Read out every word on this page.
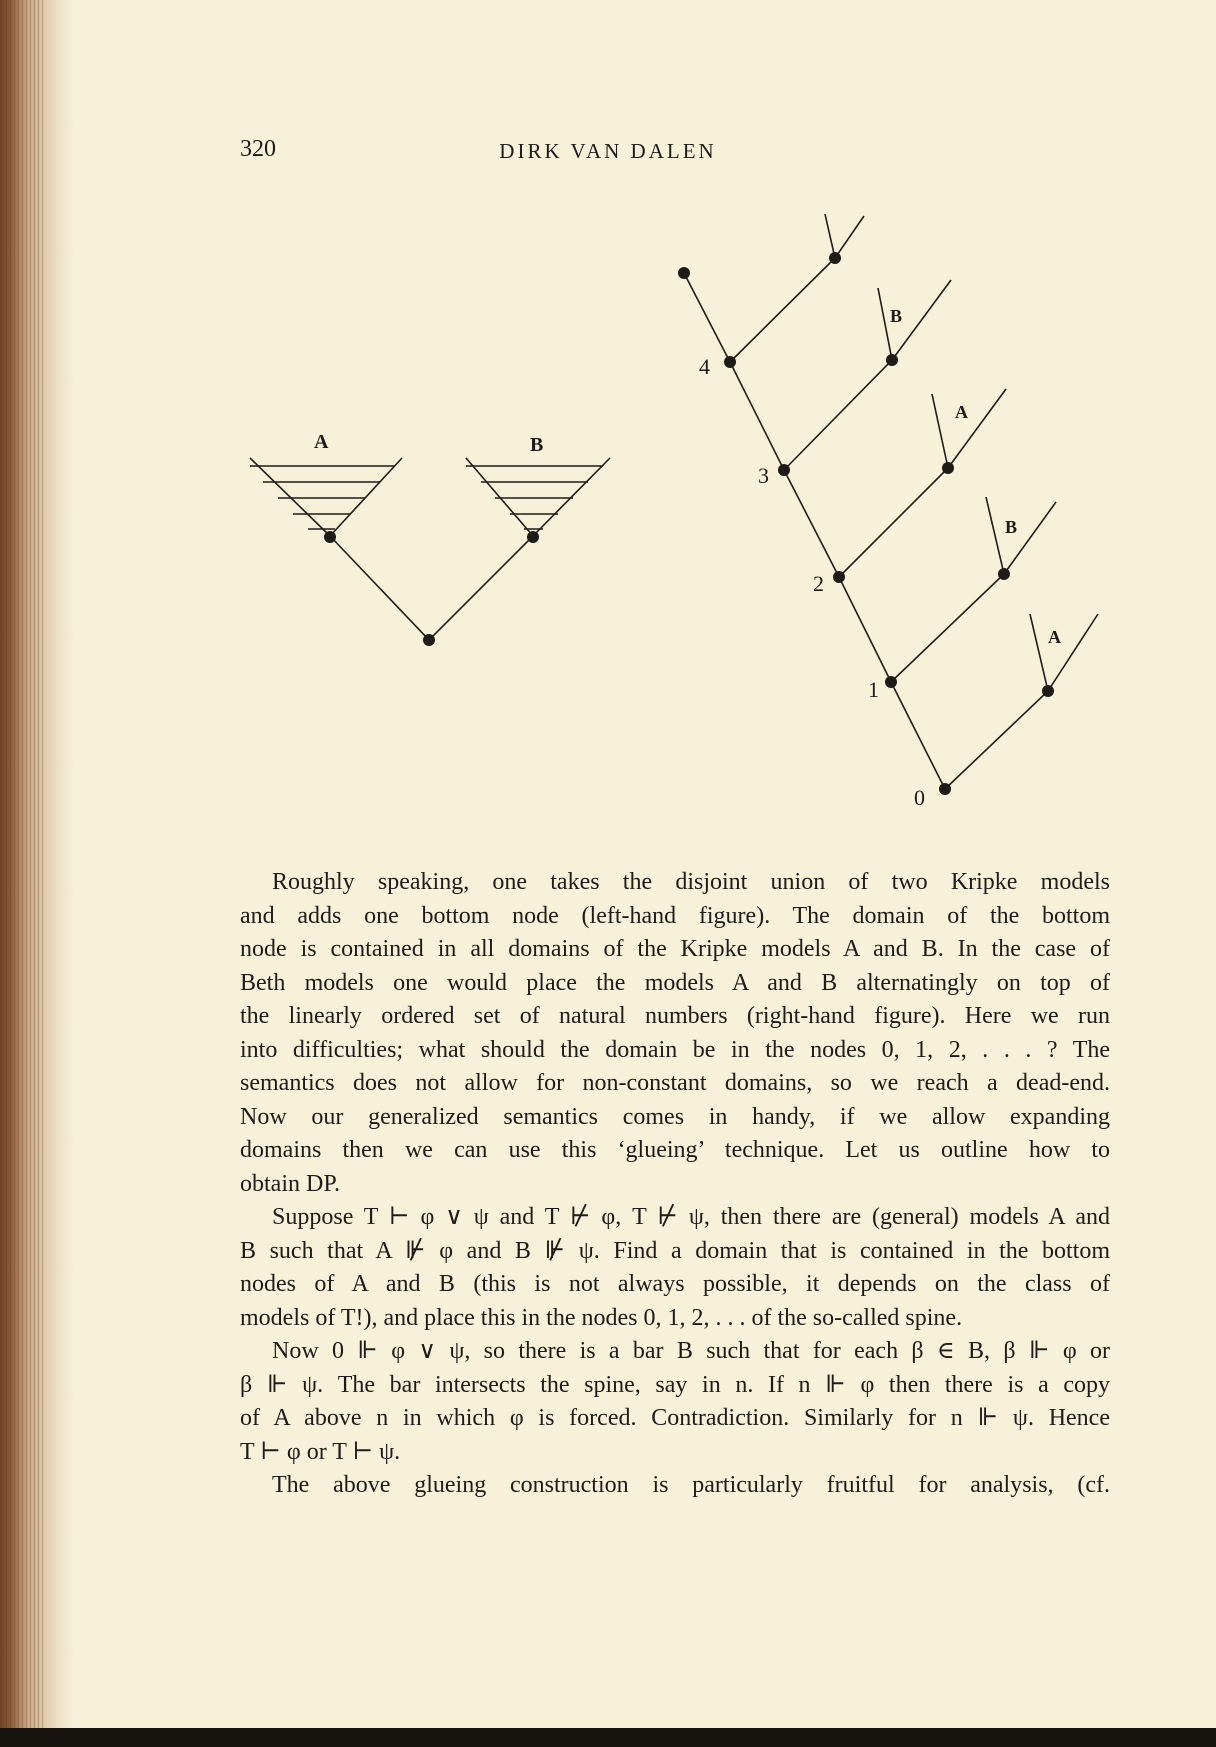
320	DIRK VAN DALEN
A	B
4
3
2
1
0
B
A
B
A

Roughly speaking, one takes the disjoint union of two Kripke models

and adds one bottom node (left-hand figure). The domain of the bottom

node is contained in all domains of the Kripke models A and B. In the case of

Beth models one would place the models A and B alternatingly on top of

the linearly ordered set of natural numbers (right-hand figure). Here we run

into difficulties; what should the domain be in the nodes 0, 1, 2, . . . ? The

semantics does not allow for non-constant domains, so we reach a dead-end.

Now our generalized semantics comes in handy, if we allow expanding

domains then we can use this ‘glueing’ technique. Let us outline how to

obtain DP.

Suppose T ⊢ φ ∨ ψ and T ⊬ φ, T ⊬ ψ, then there are (general) models A and

B such that A ⊮ φ and B ⊮ ψ. Find a domain that is contained in the bottom

nodes of A and B (this is not always possible, it depends on the class of

models of T!), and place this in the nodes 0, 1, 2, . . . of the so-called spine.

Now 0 ⊩ φ ∨ ψ, so there is a bar B such that for each β ∈ B, β ⊩ φ or

β ⊩ ψ. The bar intersects the spine, say in n. If n ⊩ φ then there is a copy

of A above n in which φ is forced. Contradiction. Similarly for n ⊩ ψ. Hence

T ⊢ φ or T ⊢ ψ.

The above glueing construction is particularly fruitful for analysis, (cf.
